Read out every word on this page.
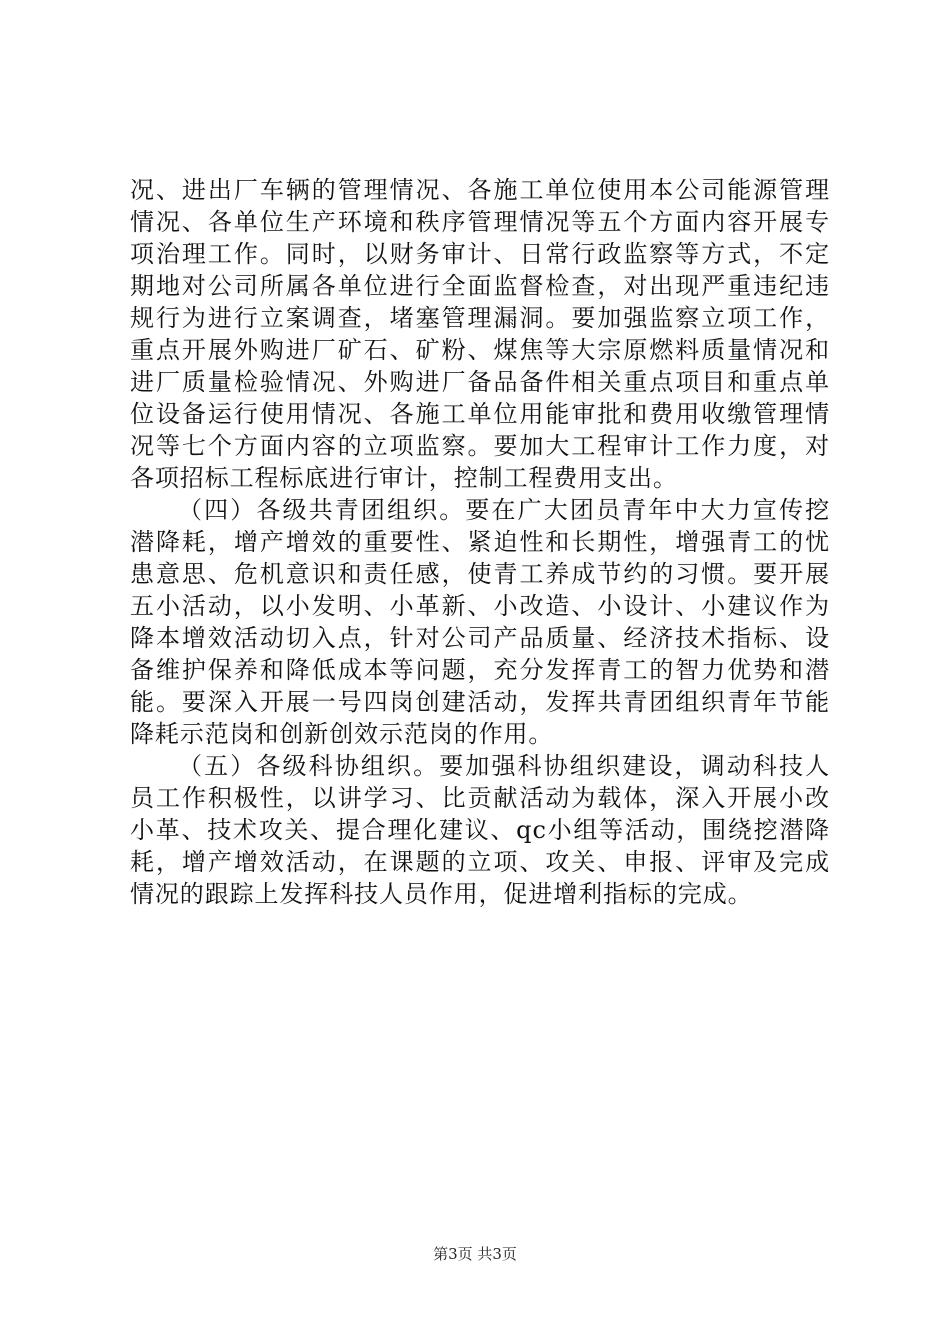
况、进出厂车辆的管理情况、各施工单位使用本公司能源管理
情况、各单位生产环境和秩序管理情况等五个方面内容开展专
项治理工作。同时，以财务审计、日常行政监察等方式，不定
期地对公司所属各单位进行全面监督检查，对出现严重违纪违
规行为进行立案调查，堵塞管理漏洞。要加强监察立项工作，
重点开展外购进厂矿石、矿粉、煤焦等大宗原燃料质量情况和
进厂质量检验情况、外购进厂备品备件相关重点项目和重点单
位设备运行使用情况、各施工单位用能审批和费用收缴管理情
况等七个方面内容的立项监察。要加大工程审计工作力度，对
各项招标工程标底进行审计，控制工程费用支出。
（四）各级共青团组织。要在广大团员青年中大力宣传挖
潜降耗，增产增效的重要性、紧迫性和长期性，增强青工的忧
患意思、危机意识和责任感，使青工养成节约的习惯。要开展
五小活动，以小发明、小革新、小改造、小设计、小建议作为
降本增效活动切入点，针对公司产品质量、经济技术指标、设
备维护保养和降低成本等问题，充分发挥青工的智力优势和潜
能。要深入开展一号四岗创建活动，发挥共青团组织青年节能
降耗示范岗和创新创效示范岗的作用。
（五）各级科协组织。要加强科协组织建设，调动科技人
员工作积极性，以讲学习、比贡献活动为载体，深入开展小改
小革、技术攻关、提合理化建议、qc小组等活动，围绕挖潜降
耗，增产增效活动，在课题的立项、攻关、申报、评审及完成
情况的跟踪上发挥科技人员作用，促进增利指标的完成。
第3页 共3页
